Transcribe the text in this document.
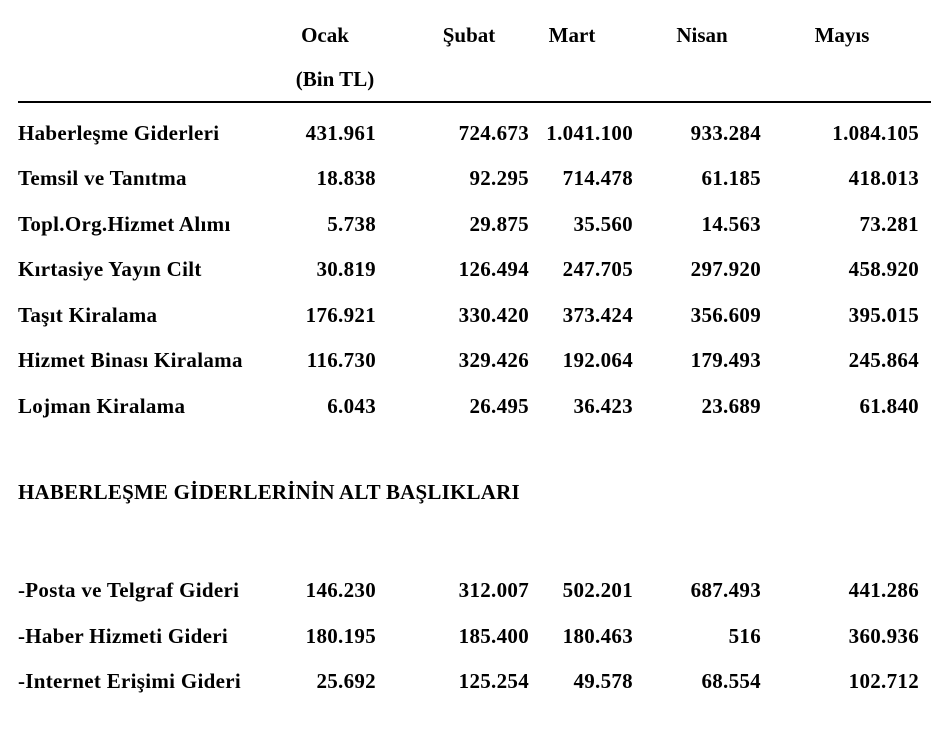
	Ocak	Şubat	Mart	Nisan	Mayıs
	(Bin TL)				
Haberleşme Giderleri	431.961	724.673	1.041.100	933.284	1.084.105
Temsil ve Tanıtma	18.838	92.295	714.478	61.185	418.013
Topl.Org.Hizmet Alımı	5.738	29.875	35.560	14.563	73.281
Kırtasiye Yayın Cilt	30.819	126.494	247.705	297.920	458.920
Taşıt Kiralama	176.921	330.420	373.424	356.609	395.015
Hizmet Binası Kiralama	116.730	329.426	192.064	179.493	245.864
Lojman Kiralama	6.043	26.495	36.423	23.689	61.840
HABERLEŞME GİDERLERİNİN ALT BAŞLIKLARI
-Posta ve Telgraf Gideri	146.230	312.007	502.201	687.493	441.286
-Haber Hizmeti Gideri	180.195	185.400	180.463	516	360.936
-Internet Erişimi Gideri	25.692	125.254	49.578	68.554	102.712
